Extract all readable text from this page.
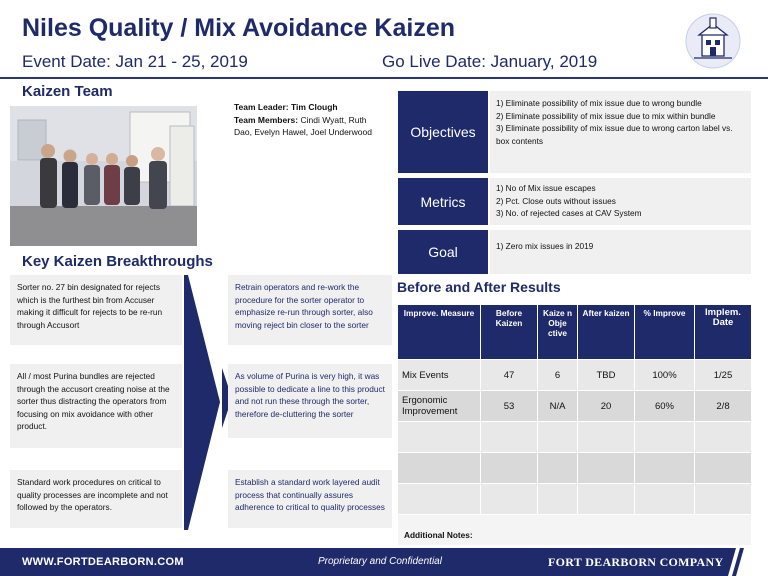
Niles Quality / Mix Avoidance Kaizen
Event Date: Jan 21 - 25, 2019	Go Live Date: January, 2019
Kaizen Team
Team Leader: Tim Clough
Team Members: Cindi Wyatt, Ruth Dao, Evelyn Hawel, Joel Underwood	Objectives
1) Eliminate possibility of mix issue due to wrong bundle
2) Eliminate possibility of mix issue due to mix within bundle
3) Eliminate possibility of mix issue due to wrong carton label vs. box contents
Metrics
1) No of Mix issue escapes
2) Pct. Close outs without issues
3) No. of rejected cases at CAV System
Goal	1) Zero mix issues in 2019
Key Kaizen Breakthroughs
Sorter no. 27 bin designated for rejects which is the furthest bin from Accuser making it difficult for rejects to be re-run through Accusort
All / most Purina bundles are rejected through the accusort creating noise at the sorter thus distracting the operators from focusing on mix avoidance with other product.
Standard work procedures on critical to quality processes are incomplete and not followed by the operators.
Retrain operators and re-work the procedure for the sorter operator to emphasize re-run through sorter, also moving reject bin closer to the sorter
As volume of Purina is very high, it was possible to dedicate a line to this product and not run these through the sorter, therefore de-cluttering the sorter
Establish a standard work layered audit process that continually assures adherence to critical to quality processes
Before and After Results
Improve. Measure	Before Kaizen	Kaize n Obje ctive	After kaizen	% Improve	Implem. Date
Mix Events	47	6	TBD	100%	1/25
Ergonomic Improvement	53	N/A	20	60%	2/8

Additional Notes:					
WWW.FORTDEARBORN.COM	Proprietary and Confidential	FORT DEARBORN COMPANY
